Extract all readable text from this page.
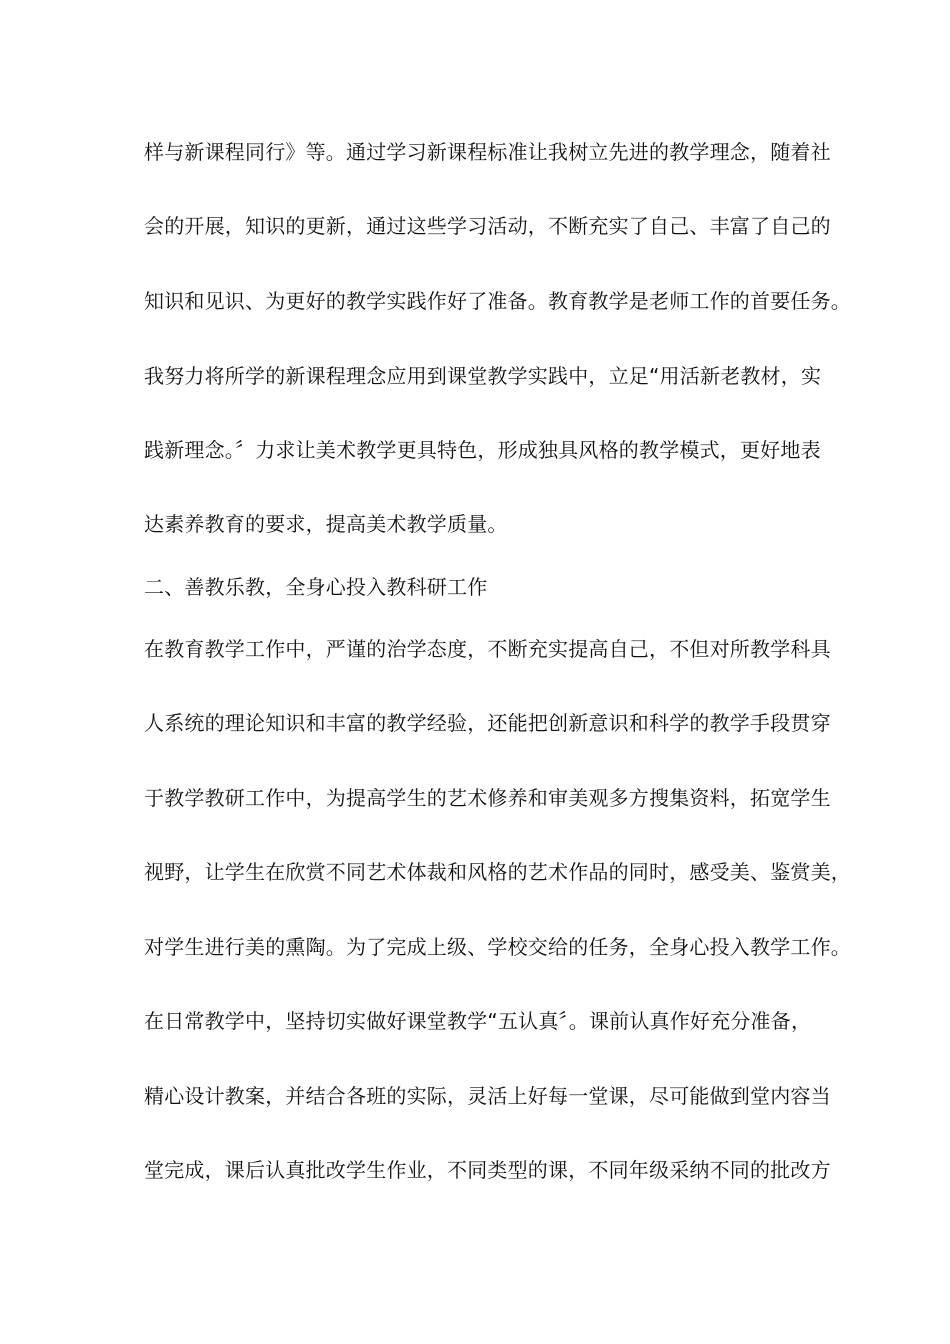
样与新课程同行》等。通过学习新课程标准让我树立先进的教学理念，随着社
会的开展，知识的更新，通过这些学习活动，不断充实了自己、丰富了自己的
知识和见识、为更好的教学实践作好了准备。教育教学是老师工作的首要任务。
我努力将所学的新课程理念应用到课堂教学实践中，立足“用活新老教材，实
践新理念。〞力求让美术教学更具特色，形成独具风格的教学模式，更好地表
达素养教育的要求，提高美术教学质量。
二、善教乐教，全身心投入教科研工作
在教育教学工作中，严谨的治学态度，不断充实提高自己，不但对所教学科具
人系统的理论知识和丰富的教学经验，还能把创新意识和科学的教学手段贯穿
于教学教研工作中，为提高学生的艺术修养和审美观多方搜集资料，拓宽学生
视野，让学生在欣赏不同艺术体裁和风格的艺术作品的同时，感受美、鉴赏美，
对学生进行美的熏陶。为了完成上级、学校交给的任务，全身心投入教学工作。
在日常教学中，坚持切实做好课堂教学“五认真〞。课前认真作好充分准备，
精心设计教案，并结合各班的实际，灵活上好每一堂课，尽可能做到堂内容当
堂完成，课后认真批改学生作业，不同类型的课，不同年级采纳不同的批改方
